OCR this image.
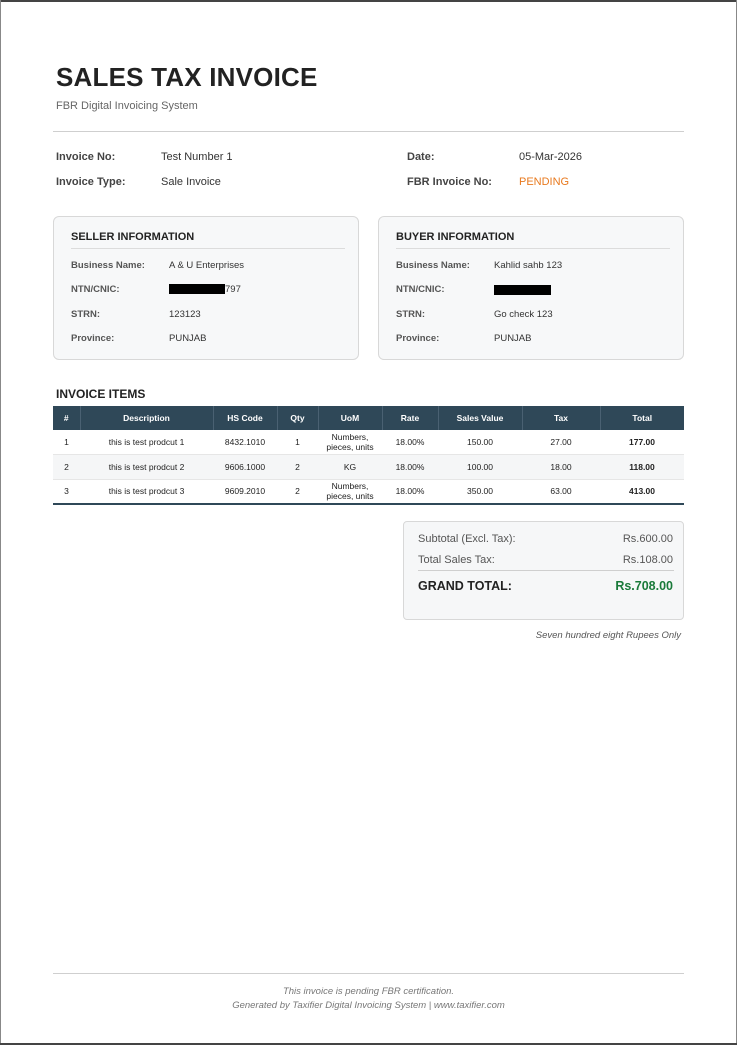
SALES TAX INVOICE
FBR Digital Invoicing System
Invoice No:	Test Number 1
Invoice Type:	Sale Invoice
Date:	05-Mar-2026
FBR Invoice No: PENDING
SELLER INFORMATION
Business Name:	A & U Enterprises
NTN/CNIC:	797
STRN:	123123
Province:	PUNJAB
BUYER INFORMATION
Business Name:	Kahlid sahb 123
NTN/CNIC:
STRN:	Go check 123
Province:	PUNJAB
INVOICE ITEMS
#	Description	HS Code	Qty	UoM	Rate	Sales Value	Tax	Total
1	this is test prodcut 1	8432.1010	1	Numbers, pieces, units	18.00%	150.00	27.00	177.00
2	this is test prodcut 2	9606.1000	2	KG	18.00%	100.00	18.00	118.00
3	this is test prodcut 3	9609.2010	2	Numbers, pieces, units	18.00%	350.00	63.00	413.00
Subtotal (Excl. Tax):	Rs.600.00
Total Sales Tax:	Rs.108.00
GRAND TOTAL:	Rs.708.00
Seven hundred eight Rupees Only
This invoice is pending FBR certification.
Generated by Taxifier Digital Invoicing System | www.taxifier.com
